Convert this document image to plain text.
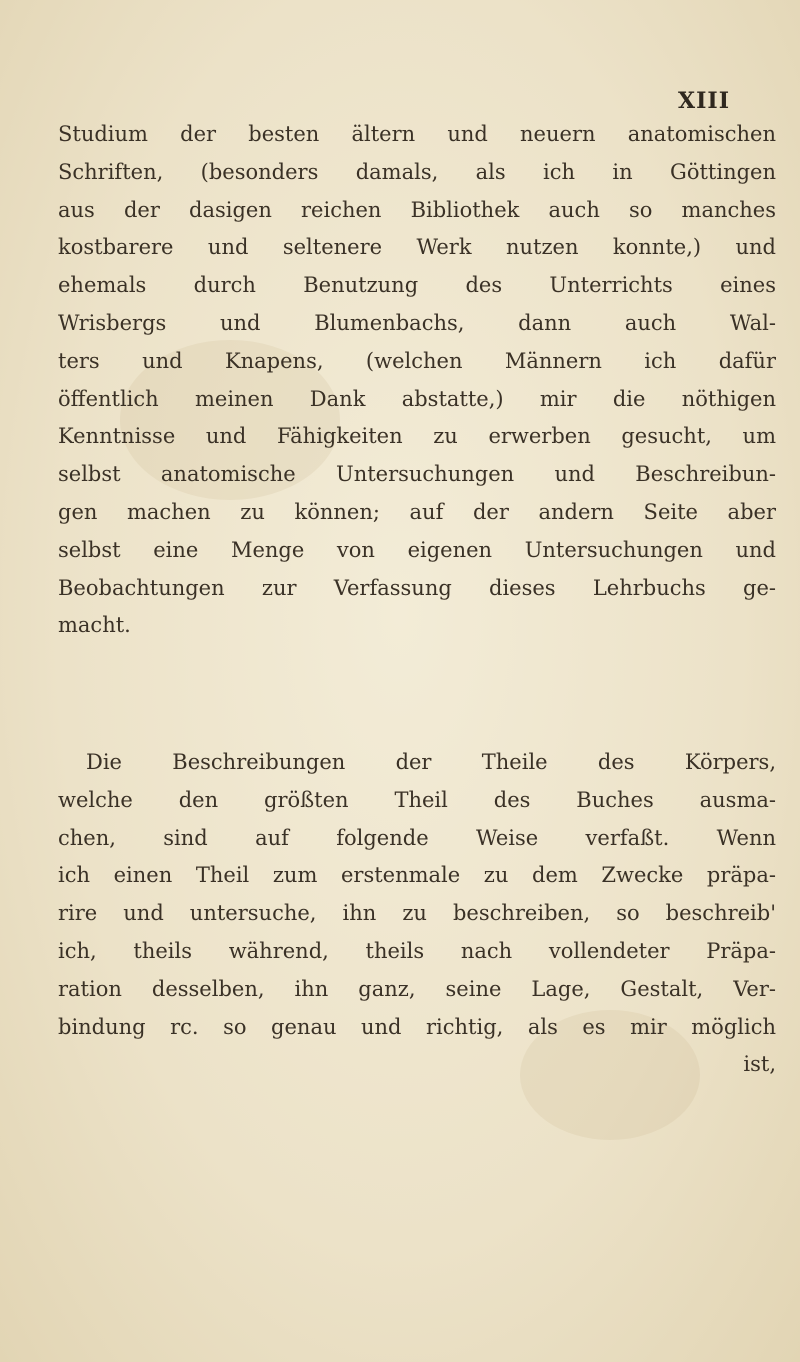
XIII
Studium der besten ältern und neuern anatomischen
Schriften, (besonders damals, als ich in Göttingen
aus der dasigen reichen Bibliothek auch so manches
kostbarere und seltenere Werk nutzen konnte,) und
ehemals durch Benutzung des Unterrichts eines
Wrisbergs und Blumenbachs, dann auch Wal-
ters und Knapens, (welchen Männern ich dafür
öffentlich meinen Dank abstatte,) mir die nöthigen
Kenntnisse und Fähigkeiten zu erwerben gesucht, um
selbst anatomische Untersuchungen und Beschreibun-
gen machen zu können; auf der andern Seite aber
selbst eine Menge von eigenen Untersuchungen und
Beobachtungen zur Verfassung dieses Lehrbuchs ge-
macht.
Die Beschreibungen der Theile des Körpers,
welche den größten Theil des Buches ausma-
chen, sind auf folgende Weise verfaßt. Wenn
ich einen Theil zum erstenmale zu dem Zwecke präpa-
rire und untersuche, ihn zu beschreiben, so beschreib'
ich, theils während, theils nach vollendeter Präpa-
ration desselben, ihn ganz, seine Lage, Gestalt, Ver-
bindung rc. so genau und richtig, als es mir möglich
ist,
